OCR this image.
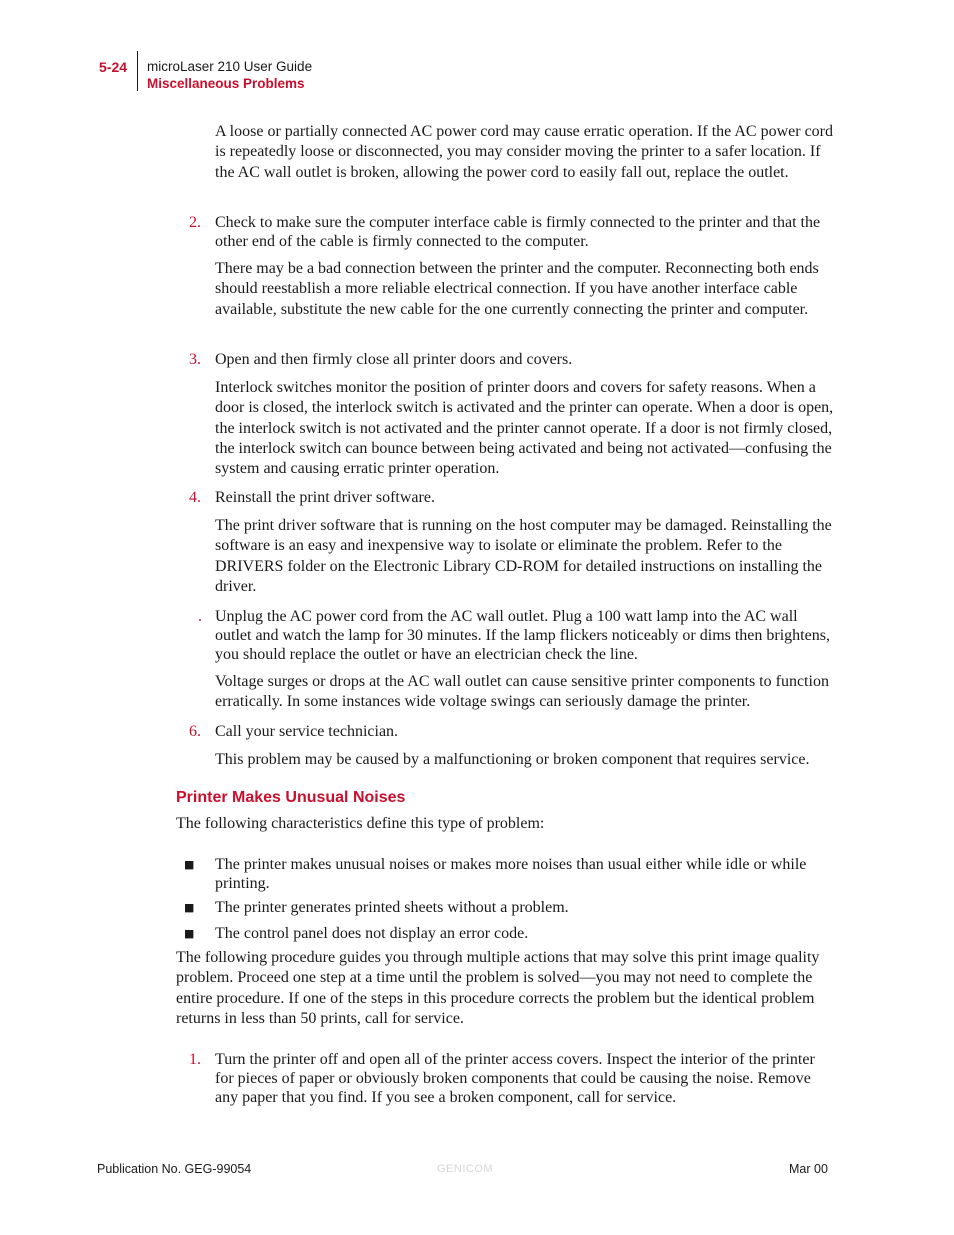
5-24 microLaser 210 User Guide
Miscellaneous Problems

A loose or partially connected AC power cord may cause erratic operation. If the AC power cord is repeatedly loose or disconnected, you may consider moving the printer to a safer location. If the AC wall outlet is broken, allowing the power cord to easily fall out, replace the outlet.

2. Check to make sure the computer interface cable is firmly connected to the printer and that the other end of the cable is firmly connected to the computer.

There may be a bad connection between the printer and the computer. Reconnecting both ends should reestablish a more reliable electrical connection. If you have another interface cable available, substitute the new cable for the one currently connecting the printer and computer.

3. Open and then firmly close all printer doors and covers.

Interlock switches monitor the position of printer doors and covers for safety reasons. When a door is closed, the interlock switch is activated and the printer can operate. When a door is open, the interlock switch is not activated and the printer cannot operate. If a door is not firmly closed, the interlock switch can bounce between being activated and being not activated—confusing the system and causing erratic printer operation.

4. Reinstall the print driver software.

The print driver software that is running on the host computer may be damaged. Reinstalling the software is an easy and inexpensive way to isolate or eliminate the problem. Refer to the DRIVERS folder on the Electronic Library CD-ROM for detailed instructions on installing the driver.

. Unplug the AC power cord from the AC wall outlet. Plug a 100 watt lamp into the AC wall outlet and watch the lamp for 30 minutes. If the lamp flickers noticeably or dims then brightens, you should replace the outlet or have an electrician check the line.

Voltage surges or drops at the AC wall outlet can cause sensitive printer components to function erratically. In some instances wide voltage swings can seriously damage the printer.

6. Call your service technician.

This problem may be caused by a malfunctioning or broken component that requires service.

Printer Makes Unusual Noises

The following characteristics define this type of problem:

■ The printer makes unusual noises or makes more noises than usual either while idle or while printing.

■ The printer generates printed sheets without a problem.

■ The control panel does not display an error code.

The following procedure guides you through multiple actions that may solve this print image quality problem. Proceed one step at a time until the problem is solved—you may not need to complete the entire procedure. If one of the steps in this procedure corrects the problem but the identical problem returns in less than 50 prints, call for service.

1. Turn the printer off and open all of the printer access covers. Inspect the interior of the printer for pieces of paper or obviously broken components that could be causing the noise. Remove any paper that you find. If you see a broken component, call for service.

Publication No. GEG-99054	GENICOM	Mar 00
